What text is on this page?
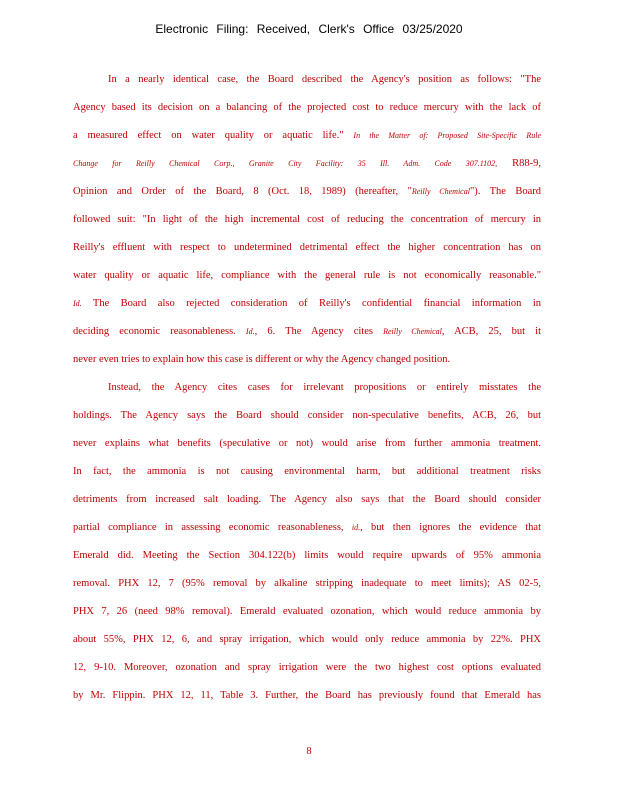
Electronic Filing: Received, Clerk's Office 03/25/2020
In a nearly identical case, the Board described the Agency's position as follows: "The
Agency based its decision on a balancing of the projected cost to reduce mercury with the lack of
a measured effect on water quality or aquatic life." In the Matter of: Proposed Site-Specific Rule
Change for Reilly Chemical Corp., Granite City Facility: 35 Ill. Adm. Code 307.1102, R88-9,
Opinion and Order of the Board, 8 (Oct. 18, 1989) (hereafter, "Reilly Chemical"). The Board
followed suit: "In light of the high incremental cost of reducing the concentration of mercury in
Reilly's effluent with respect to undetermined detrimental effect the higher concentration has on
water quality or aquatic life, compliance with the general rule is not economically reasonable."
Id. The Board also rejected consideration of Reilly's confidential financial information in
deciding economic reasonableness. Id., 6. The Agency cites Reilly Chemical, ACB, 25, but it
never even tries to explain how this case is different or why the Agency changed position.
Instead, the Agency cites cases for irrelevant propositions or entirely misstates the
holdings. The Agency says the Board should consider non-speculative benefits, ACB, 26, but
never explains what benefits (speculative or not) would arise from further ammonia treatment.
In fact, the ammonia is not causing environmental harm, but additional treatment risks
detriments from increased salt loading. The Agency also says that the Board should consider
partial compliance in assessing economic reasonableness, id., but then ignores the evidence that
Emerald did. Meeting the Section 304.122(b) limits would require upwards of 95% ammonia
removal. PHX 12, 7 (95% removal by alkaline stripping inadequate to meet limits); AS 02-5,
PHX 7, 26 (need 98% removal). Emerald evaluated ozonation, which would reduce ammonia by
about 55%, PHX 12, 6, and spray irrigation, which would only reduce ammonia by 22%. PHX
12, 9-10. Moreover, ozonation and spray irrigation were the two highest cost options evaluated
by Mr. Flippin. PHX 12, 11, Table 3. Further, the Board has previously found that Emerald has
8
